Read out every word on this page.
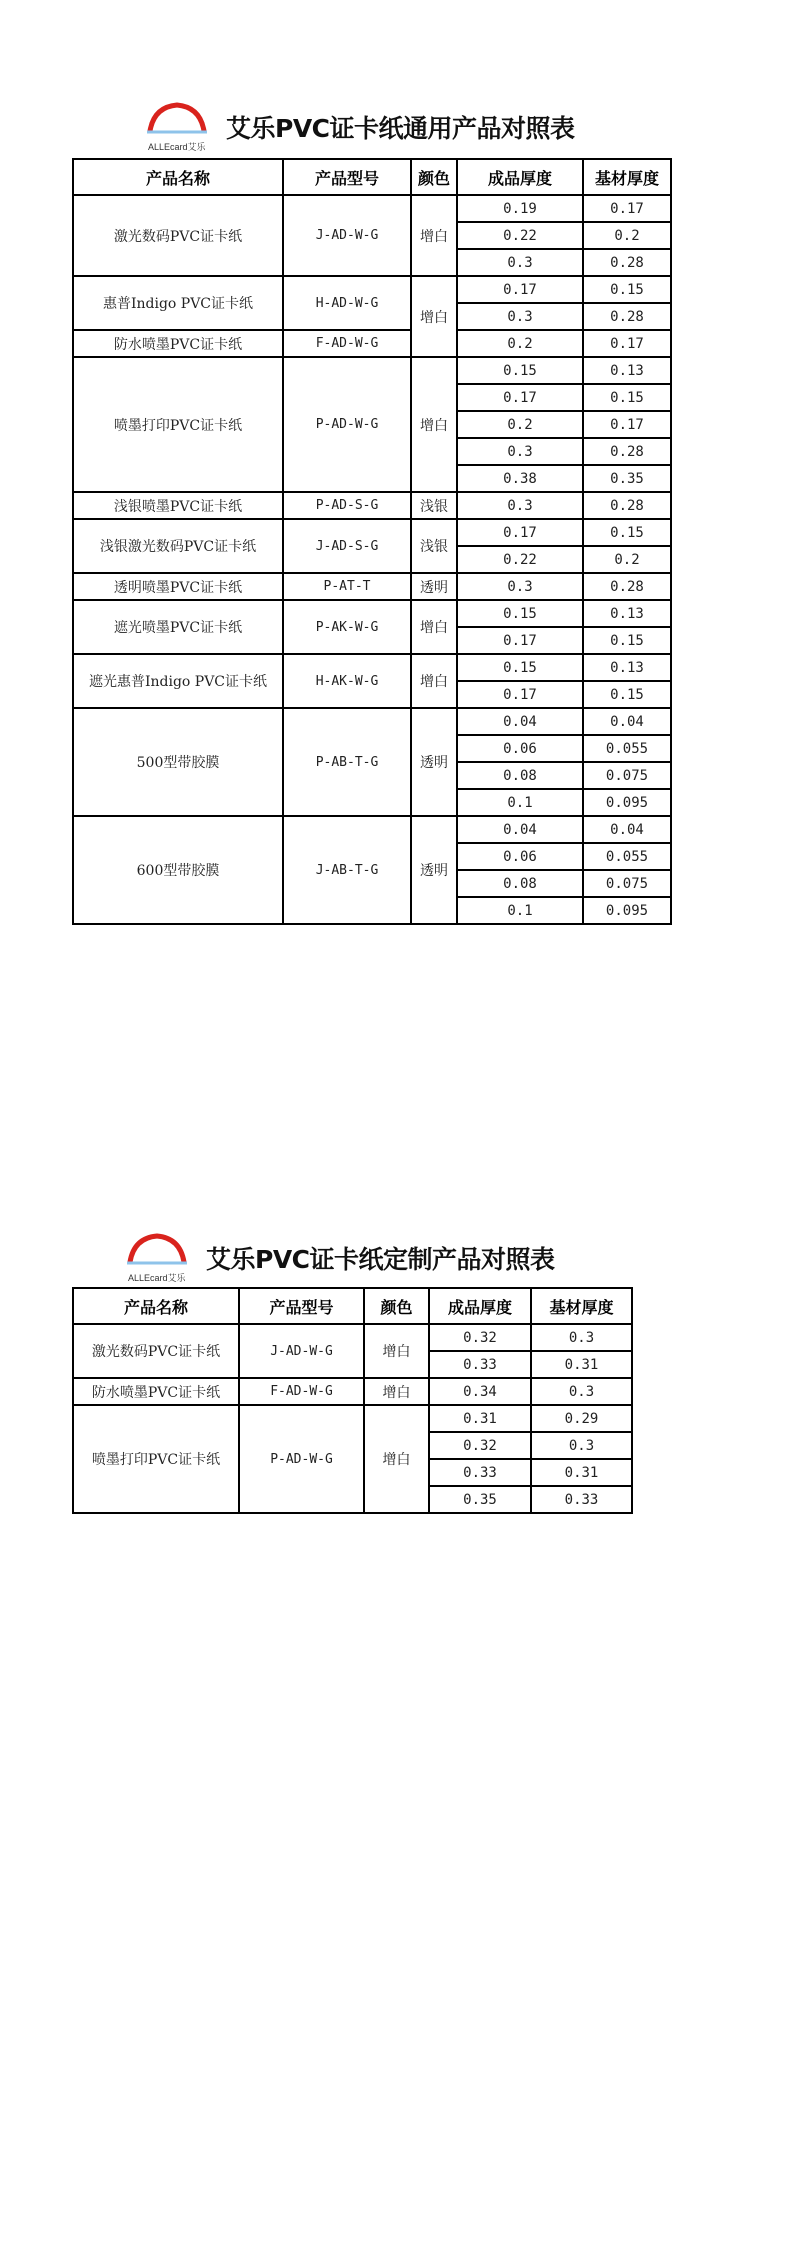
ALLEcard艾乐
艾乐PVC证卡纸通用产品对照表
产品名称	产品型号	颜色	成品厚度	基材厚度
激光数码PVC证卡纸	J-AD-W-G	增白	0.19	0.17
			0.22	0.2
			0.3	0.28
惠普Indigo PVC证卡纸	H-AD-W-G	增白	0.17	0.15
			0.3	0.28
防水喷墨PVC证卡纸	F-AD-W-G		0.2	0.17
喷墨打印PVC证卡纸	P-AD-W-G	增白	0.15	0.13
			0.17	0.15
			0.2	0.17
			0.3	0.28
			0.38	0.35
浅银喷墨PVC证卡纸	P-AD-S-G	浅银	0.3	0.28
浅银激光数码PVC证卡纸	J-AD-S-G	浅银	0.17	0.15
			0.22	0.2
透明喷墨PVC证卡纸	P-AT-T	透明	0.3	0.28
遮光喷墨PVC证卡纸	P-AK-W-G	增白	0.15	0.13
			0.17	0.15
遮光惠普Indigo PVC证卡纸	H-AK-W-G	增白	0.15	0.13
			0.17	0.15
500型带胶膜	P-AB-T-G	透明	0.04	0.04
			0.06	0.055
			0.08	0.075
			0.1	0.095
600型带胶膜	J-AB-T-G	透明	0.04	0.04
			0.06	0.055
			0.08	0.075
			0.1	0.095
ALLEcard艾乐
艾乐PVC证卡纸定制产品对照表
产品名称	产品型号	颜色	成品厚度	基材厚度
激光数码PVC证卡纸	J-AD-W-G	增白	0.32	0.3
			0.33	0.31
防水喷墨PVC证卡纸	F-AD-W-G	增白	0.34	0.3
喷墨打印PVC证卡纸	P-AD-W-G	增白	0.31	0.29
			0.32	0.3
			0.33	0.31
			0.35	0.33
